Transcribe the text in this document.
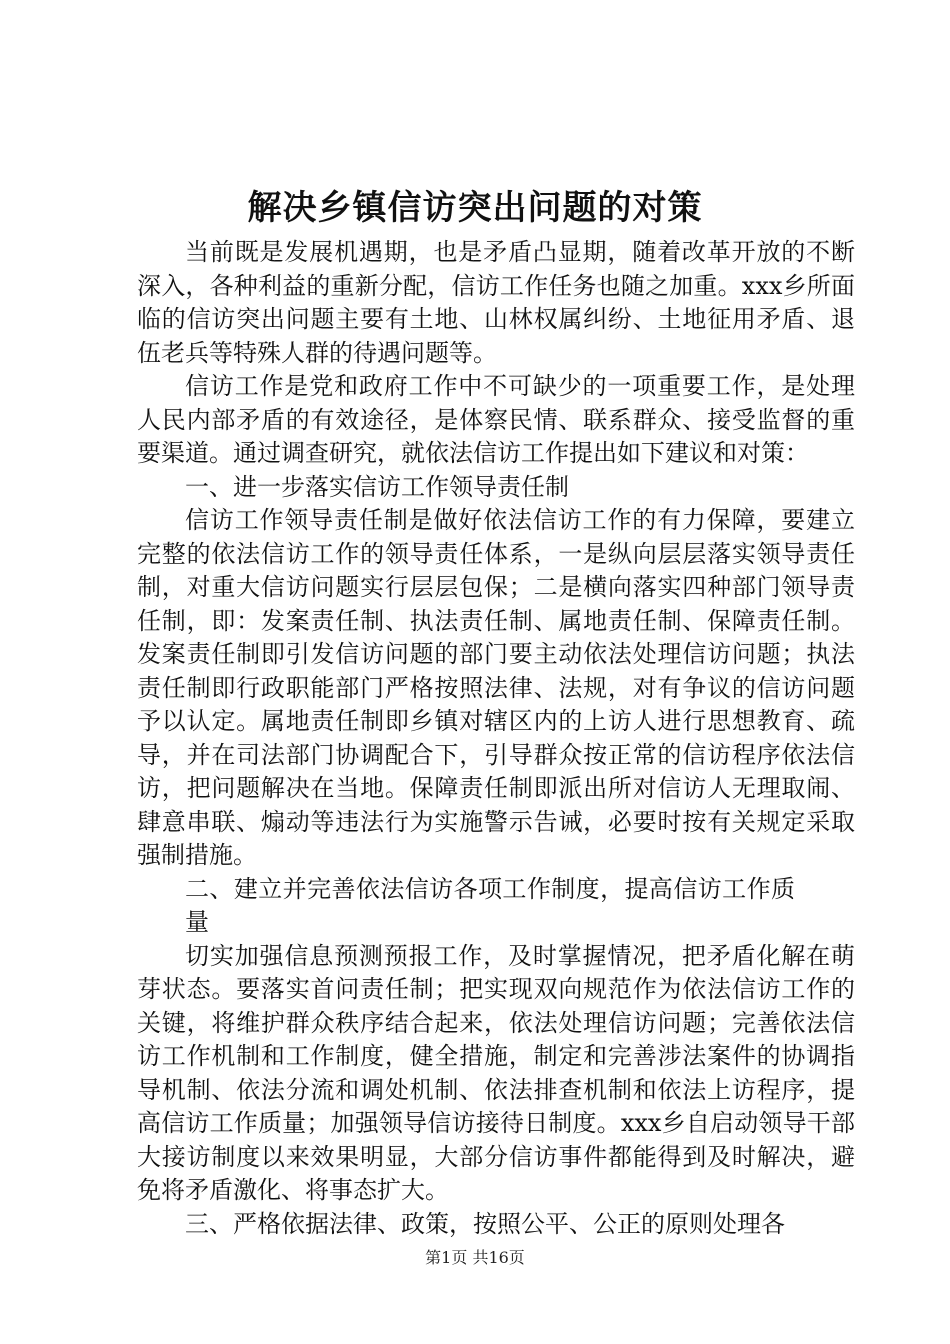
解决乡镇信访突出问题的对策

当前既是发展机遇期，也是矛盾凸显期，随着改革开放的不断深入，各种利益的重新分配，信访工作任务也随之加重。xxx乡所面临的信访突出问题主要有土地、山林权属纠纷、土地征用矛盾、退伍老兵等特殊人群的待遇问题等。

信访工作是党和政府工作中不可缺少的一项重要工作，是处理人民内部矛盾的有效途径，是体察民情、联系群众、接受监督的重要渠道。通过调查研究，就依法信访工作提出如下建议和对策：

一、进一步落实信访工作领导责任制

信访工作领导责任制是做好依法信访工作的有力保障，要建立完整的依法信访工作的领导责任体系，一是纵向层层落实领导责任制，对重大信访问题实行层层包保；二是横向落实四种部门领导责任制，即：发案责任制、执法责任制、属地责任制、保障责任制。发案责任制即引发信访问题的部门要主动依法处理信访问题；执法责任制即行政职能部门严格按照法律、法规，对有争议的信访问题予以认定。属地责任制即乡镇对辖区内的上访人进行思想教育、疏导，并在司法部门协调配合下，引导群众按正常的信访程序依法信访，把问题解决在当地。保障责任制即派出所对信访人无理取闹、肆意串联、煽动等违法行为实施警示告诫，必要时按有关规定采取强制措施。

二、建立并完善依法信访各项工作制度，提高信访工作质量

切实加强信息预测预报工作，及时掌握情况，把矛盾化解在萌芽状态。要落实首问责任制；把实现双向规范作为依法信访工作的关键，将维护群众秩序结合起来，依法处理信访问题；完善依法信访工作机制和工作制度，健全措施，制定和完善涉法案件的协调指导机制、依法分流和调处机制、依法排查机制和依法上访程序，提高信访工作质量；加强领导信访接待日制度。xxx乡自启动领导干部大接访制度以来效果明显，大部分信访事件都能得到及时解决，避免将矛盾激化、将事态扩大。

三、严格依据法律、政策，按照公平、公正的原则处理各

第1页 共16页
